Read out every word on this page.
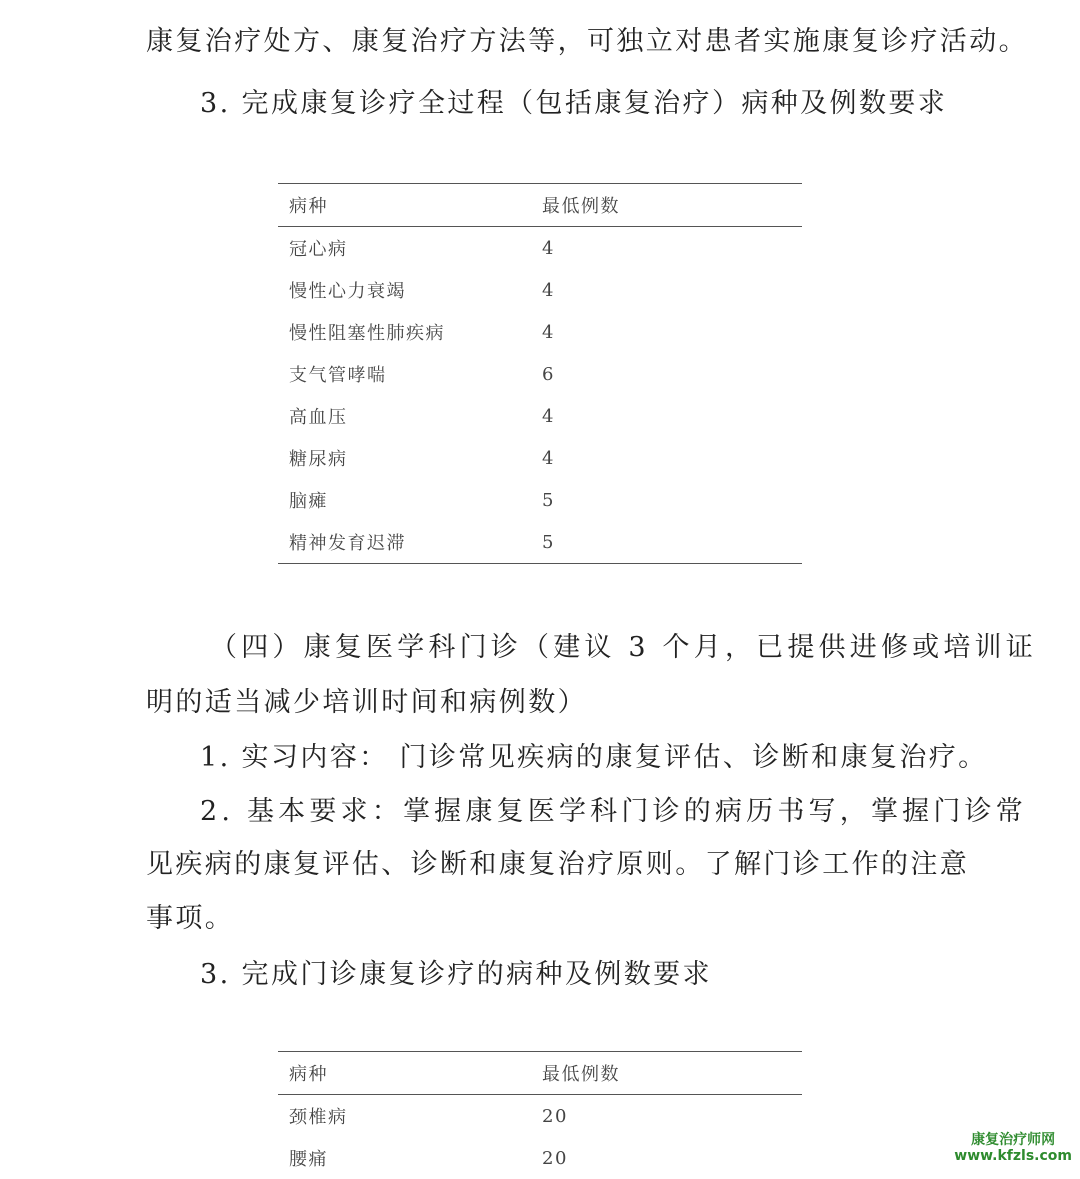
康复治疗处方、康复治疗方法等，可独立对患者实施康复诊疗活动。
3. 完成康复诊疗全过程（包括康复治疗）病种及例数要求
病种	最低例数
冠心病	4
慢性心力衰竭	4
慢性阻塞性肺疾病	4
支气管哮喘	6
高血压	4
糖尿病	4
脑瘫	5
精神发育迟滞	5
（四）康复医学科门诊（建议 3 个月，已提供进修或培训证
明的适当减少培训时间和病例数）
1. 实习内容： 门诊常见疾病的康复评估、诊断和康复治疗。
2. 基本要求：掌握康复医学科门诊的病历书写，掌握门诊常
见疾病的康复评估、诊断和康复治疗原则。了解门诊工作的注意
事项。
3. 完成门诊康复诊疗的病种及例数要求
病种	最低例数
颈椎病	20
腰痛	20
康复治疗师网
www.kfzls.com
